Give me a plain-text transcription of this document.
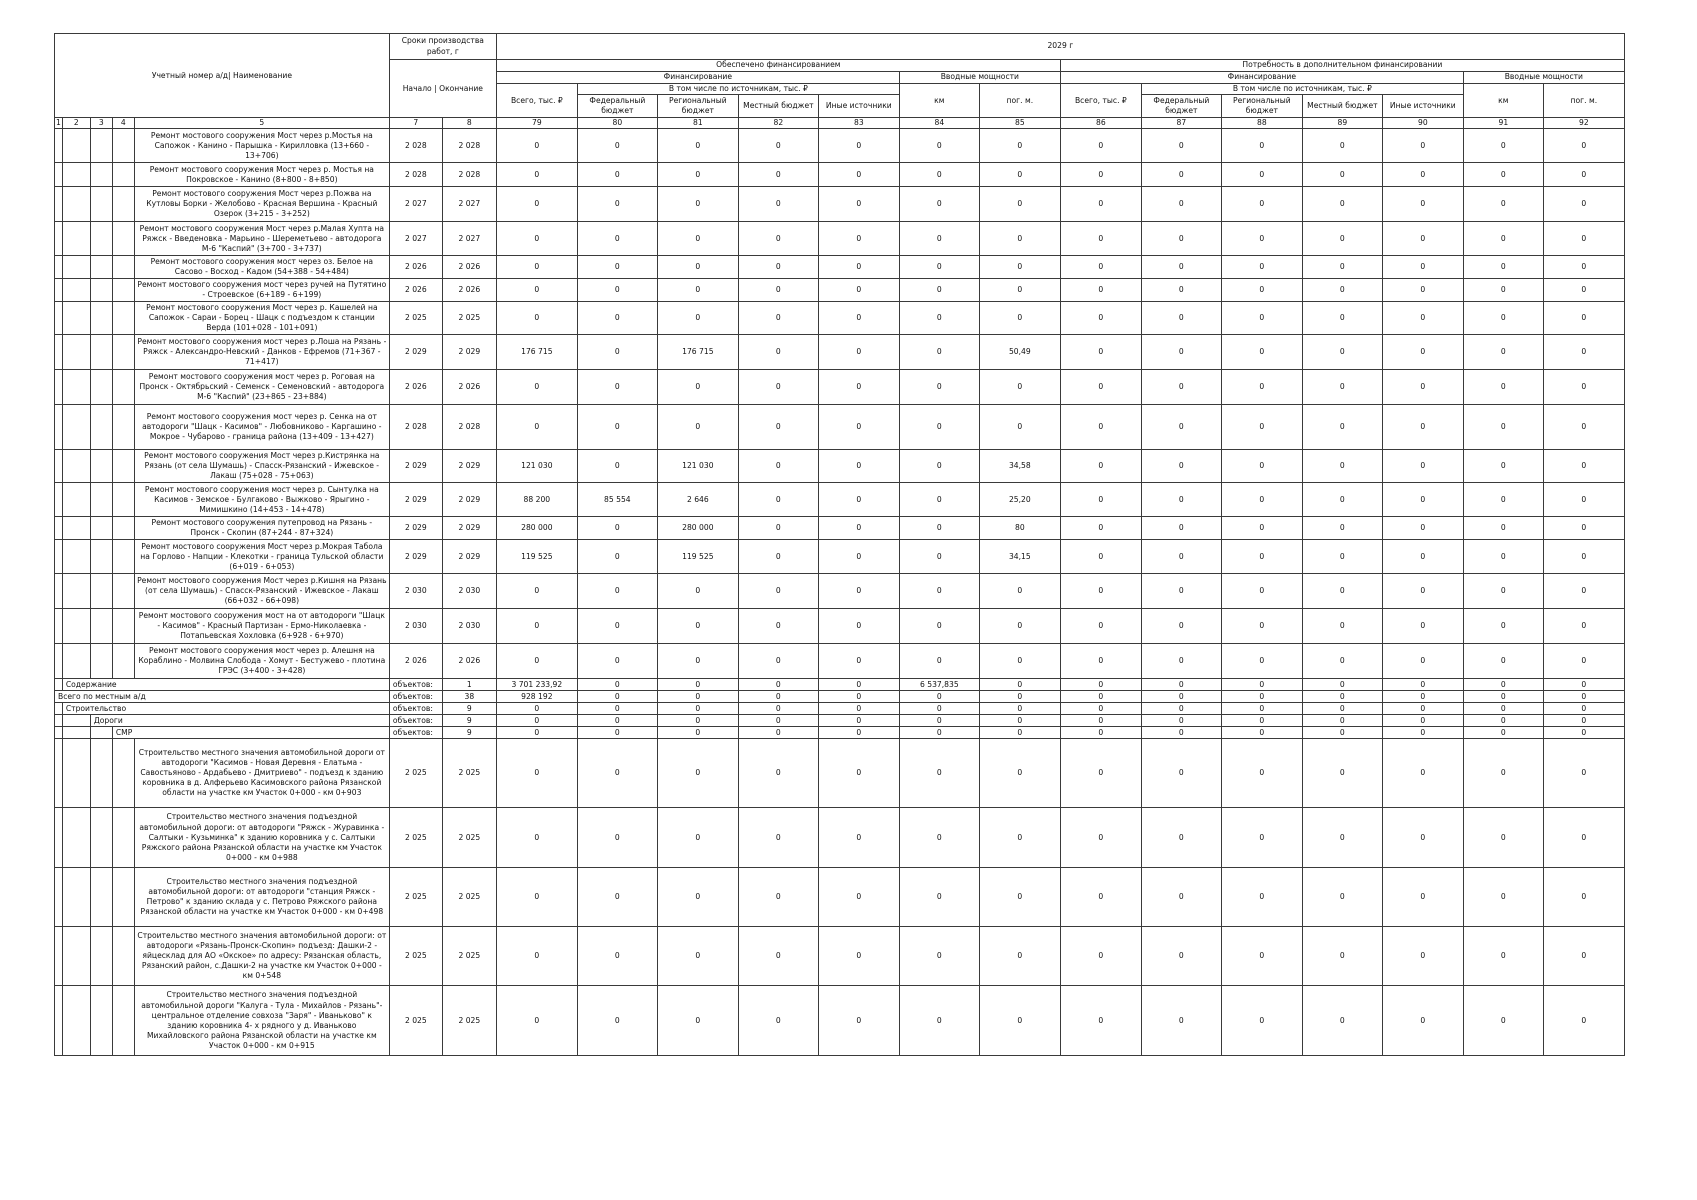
Учетный номер а/д| Наименование					Сроки производства работ, г		2029 г													
					Начало | Окончание		Обеспечено финансированием							Потребность в дополнительном финансировании						
							Финансирование					Вводные мощности		Финансирование					Вводные мощности	
							Всего, тыс. ₽	В том числе по источникам, тыс. ₽				км	пог. м.	Всего, тыс. ₽	В том числе по источникам, тыс. ₽				км	пог. м.
								Федеральный бюджет	Региональный бюджет	Местный бюджет	Иные источники				Федеральный бюджет	Региональный бюджет	Местный бюджет	Иные источники		
1	2	3	4	5	7	8	79	80	81	82	83	84	85	86	87	88	89	90	91	92
				Ремонт мостового сооружения Мост через р.Мостья на Сапожок - Канино - Парышка - Кирилловка (13+660 - 13+706)	2 028	2 028	0	0	0	0	0	0	0	0	0	0	0	0	0	0
				Ремонт мостового сооружения Мост через р. Мостья на Покровское - Канино (8+800 - 8+850)	2 028	2 028	0	0	0	0	0	0	0	0	0	0	0	0	0	0
				Ремонт мостового сооружения Мост через р.Пожва на Кутловы Борки - Желобово - Красная Вершина - Красный Озерок (3+215 - 3+252)	2 027	2 027	0	0	0	0	0	0	0	0	0	0	0	0	0	0
				Ремонт мостового сооружения Мост через р.Малая Хупта на Ряжск - Введеновка - Марьино - Шереметьево - автодорога М-6 "Каспий" (3+700 - 3+737)	2 027	2 027	0	0	0	0	0	0	0	0	0	0	0	0	0	0
				Ремонт мостового сооружения мост через оз. Белое на Сасово - Восход - Кадом (54+388 - 54+484)	2 026	2 026	0	0	0	0	0	0	0	0	0	0	0	0	0	0
				Ремонт мостового сооружения мост через ручей на Путятино - Строевское (6+189 - 6+199)	2 026	2 026	0	0	0	0	0	0	0	0	0	0	0	0	0	0
				Ремонт мостового сооружения Мост через р. Кашелей на Сапожок - Сараи - Борец - Шацк с подъездом к станции Верда (101+028 - 101+091)	2 025	2 025	0	0	0	0	0	0	0	0	0	0	0	0	0	0
				Ремонт мостового сооружения мост через р.Лоша на Рязань - Ряжск - Александро-Невский - Данков - Ефремов (71+367 - 71+417)	2 029	2 029	176 715	0	176 715	0	0	0	50,49	0	0	0	0	0	0	0
				Ремонт мостового сооружения мост через р. Роговая на Пронск - Октябрьский - Семенск - Семеновский - автодорога М-6 "Каспий" (23+865 - 23+884)	2 026	2 026	0	0	0	0	0	0	0	0	0	0	0	0	0	0
				Ремонт мостового сооружения мост через р. Сенка на от автодороги "Шацк - Касимов" - Любовниково - Каргашино - Мокрое - Чубарово - граница района (13+409 - 13+427)	2 028	2 028	0	0	0	0	0	0	0	0	0	0	0	0	0	0
				Ремонт мостового сооружения Мост через р.Кистрянка на Рязань (от села Шумашь) - Спасск-Рязанский - Ижевское - Лакаш (75+028 - 75+063)	2 029	2 029	121 030	0	121 030	0	0	0	34,58	0	0	0	0	0	0	0
				Ремонт мостового сооружения мост через р. Сынтулка на Касимов - Земское - Булгаково - Выжково - Ярыгино - Мимишкино (14+453 - 14+478)	2 029	2 029	88 200	85 554	2 646	0	0	0	25,20	0	0	0	0	0	0	0
				Ремонт мостового сооружения путепровод на Рязань - Пронск - Скопин (87+244 - 87+324)	2 029	2 029	280 000	0	280 000	0	0	0	80	0	0	0	0	0	0	0
				Ремонт мостового сооружения Мост через р.Мокрая Табола на Горлово - Напции - Клекотки - граница Тульской области (6+019 - 6+053)	2 029	2 029	119 525	0	119 525	0	0	0	34,15	0	0	0	0	0	0	0
				Ремонт мостового сооружения Мост через р.Кишня на Рязань (от села Шумашь) - Спасск-Рязанский - Ижевское - Лакаш (66+032 - 66+098)	2 030	2 030	0	0	0	0	0	0	0	0	0	0	0	0	0	0
				Ремонт мостового сооружения мост на от автодороги "Шацк - Касимов" - Красный Партизан - Ермо-Николаевка - Потапьевская Хохловка (6+928 - 6+970)	2 030	2 030	0	0	0	0	0	0	0	0	0	0	0	0	0	0
				Ремонт мостового сооружения мост через р. Алешня на Кораблино - Молвина Слобода - Хомут - Бестужево - плотина ГРЭС (3+400 - 3+428)	2 026	2 026	0	0	0	0	0	0	0	0	0	0	0	0	0	0
	Содержание				объектов:	1	3 701 233,92	0	0	0	0	6 537,835	0	0	0	0	0	0	0	0
Всего по местным а/д					объектов:	38	928 192	0	0	0	0	0	0	0	0	0	0	0	0	0
	Строительство				объектов:	9	0	0	0	0	0	0	0	0	0	0	0	0	0	0
		Дороги			объектов:	9	0	0	0	0	0	0	0	0	0	0	0	0	0	0
			СМР		объектов:	9	0	0	0	0	0	0	0	0	0	0	0	0	0	0
				Строительство местного значения автомобильной дороги от автодороги "Касимов - Новая Деревня - Елатьма - Савостьяново - Ардабьево - Дмитриево" - подъезд к зданию коровника в д. Алферьево Касимовского района Рязанской области на участке км Участок 0+000 - км 0+903	2 025	2 025	0	0	0	0	0	0	0	0	0	0	0	0	0	0
				Строительство местного значения подъездной автомобильной дороги: от автодороги "Ряжск - Журавинка - Салтыки - Кузьминка" к зданию коровника у с. Салтыки Ряжского района Рязанской области на участке км Участок 0+000 - км 0+988	2 025	2 025	0	0	0	0	0	0	0	0	0	0	0	0	0	0
				Строительство местного значения подъездной автомобильной дороги: от автодороги "станция Ряжск - Петрово" к зданию склада у с. Петрово Ряжского района Рязанской области на участке км Участок 0+000 - км 0+498	2 025	2 025	0	0	0	0	0	0	0	0	0	0	0	0	0	0
				Строительство местного значения автомобильной дороги: от автодороги «Рязань-Пронск-Скопин» подъезд: Дашки-2 - яйцесклад для АО «Окское» по адресу: Рязанская область, Рязанский район, с.Дашки-2 на участке км Участок 0+000 - км 0+548	2 025	2 025	0	0	0	0	0	0	0	0	0	0	0	0	0	0
				Строительство местного значения подъездной автомобильной дороги "Калуга - Тула - Михайлов - Рязань"- центральное отделение совхоза "Заря" - Иваньково" к зданию коровника 4- х рядного у д. Иваньково Михайловского района Рязанской области на участке км Участок 0+000 - км 0+915	2 025	2 025	0	0	0	0	0	0	0	0	0	0	0	0	0	0
